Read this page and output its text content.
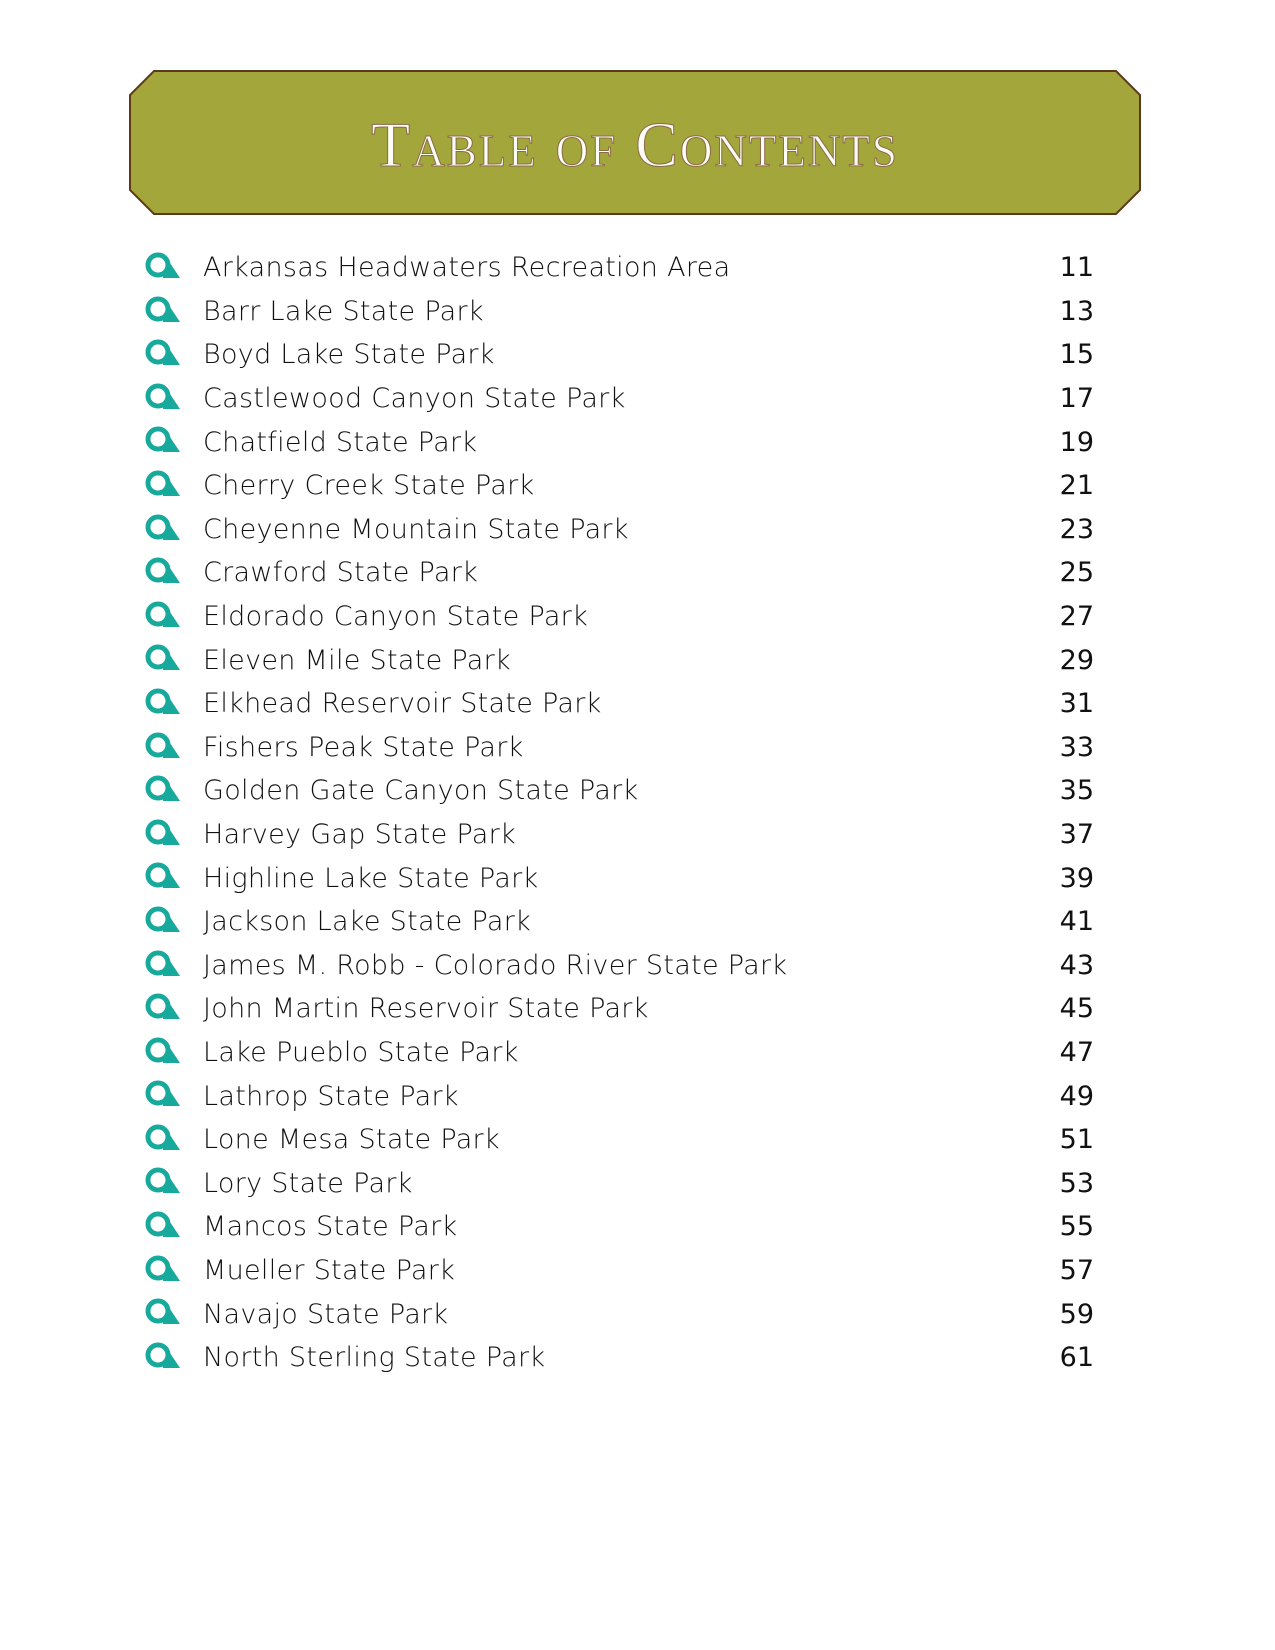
Table of Contents
Arkansas Headwaters Recreation Area	11
Barr Lake State Park	13
Boyd Lake State Park	15
Castlewood Canyon State Park	17
Chatfield State Park	19
Cherry Creek State Park	21
Cheyenne Mountain State Park	23
Crawford State Park	25
Eldorado Canyon State Park	27
Eleven Mile State Park	29
Elkhead Reservoir State Park	31
Fishers Peak State Park	33
Golden Gate Canyon State Park	35
Harvey Gap State Park	37
Highline Lake State Park	39
Jackson Lake State Park	41
James M. Robb - Colorado River State Park	43
John Martin Reservoir State Park	45
Lake Pueblo State Park	47
Lathrop State Park	49
Lone Mesa State Park	51
Lory State Park	53
Mancos State Park	55
Mueller State Park	57
Navajo State Park	59
North Sterling State Park	61
